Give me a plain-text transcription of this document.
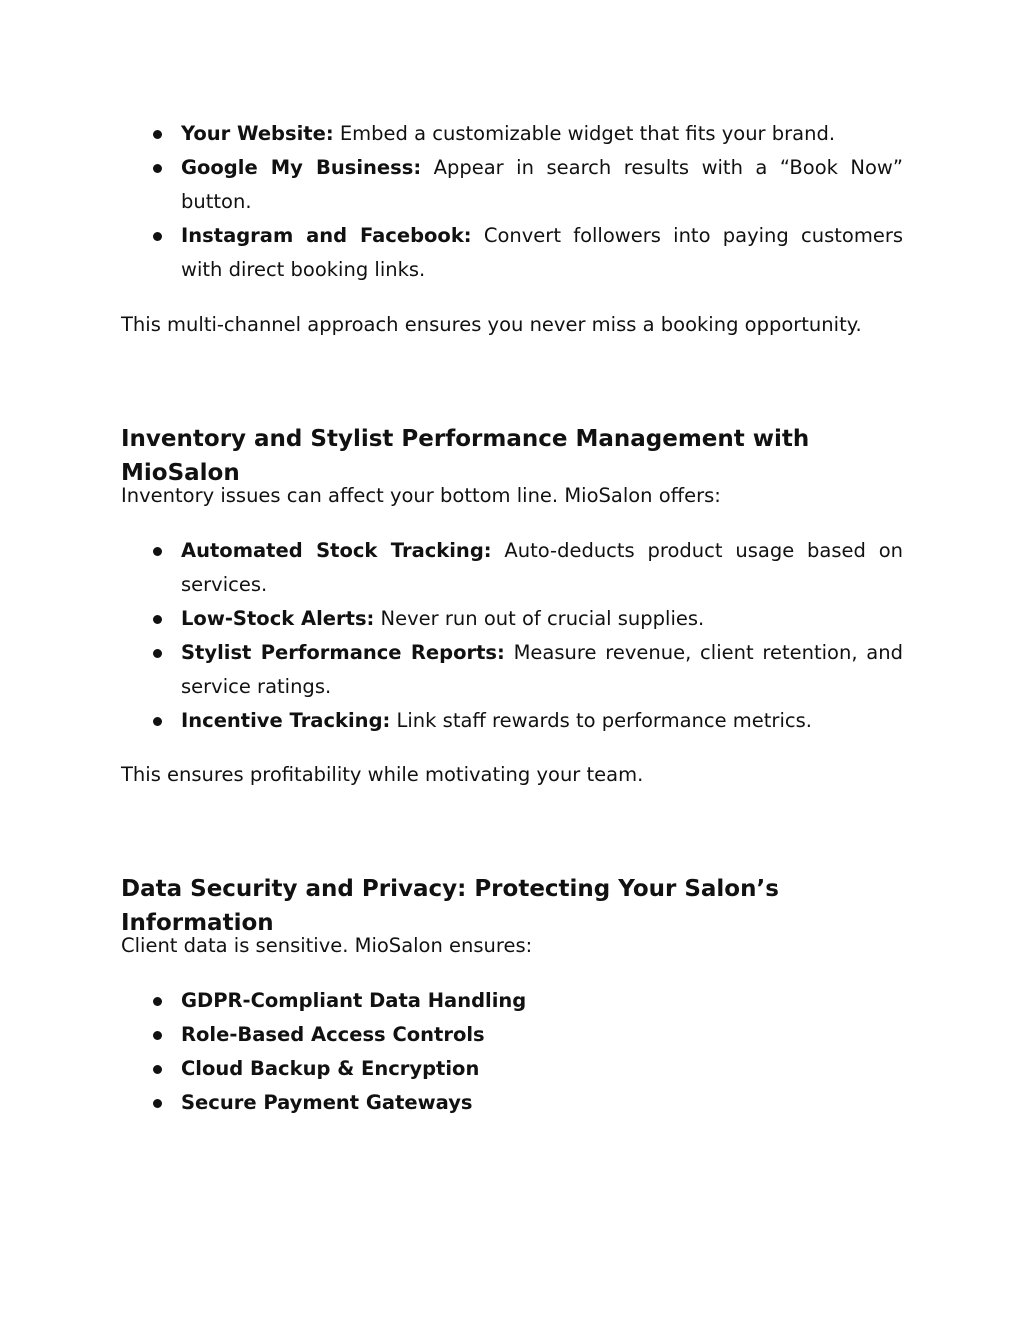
Your Website: Embed a customizable widget that fits your brand.
Google My Business: Appear in search results with a “Book Now” button.
Instagram and Facebook: Convert followers into paying customers with direct booking links.

This multi-channel approach ensures you never miss a booking opportunity.

Inventory and Stylist Performance Management with MioSalon

Inventory issues can affect your bottom line. MioSalon offers:

Automated Stock Tracking: Auto-deducts product usage based on services.
Low-Stock Alerts: Never run out of crucial supplies.
Stylist Performance Reports: Measure revenue, client retention, and service ratings.
Incentive Tracking: Link staff rewards to performance metrics.

This ensures profitability while motivating your team.

Data Security and Privacy: Protecting Your Salon’s Information

Client data is sensitive. MioSalon ensures:

GDPR-Compliant Data Handling
Role-Based Access Controls
Cloud Backup & Encryption
Secure Payment Gateways
